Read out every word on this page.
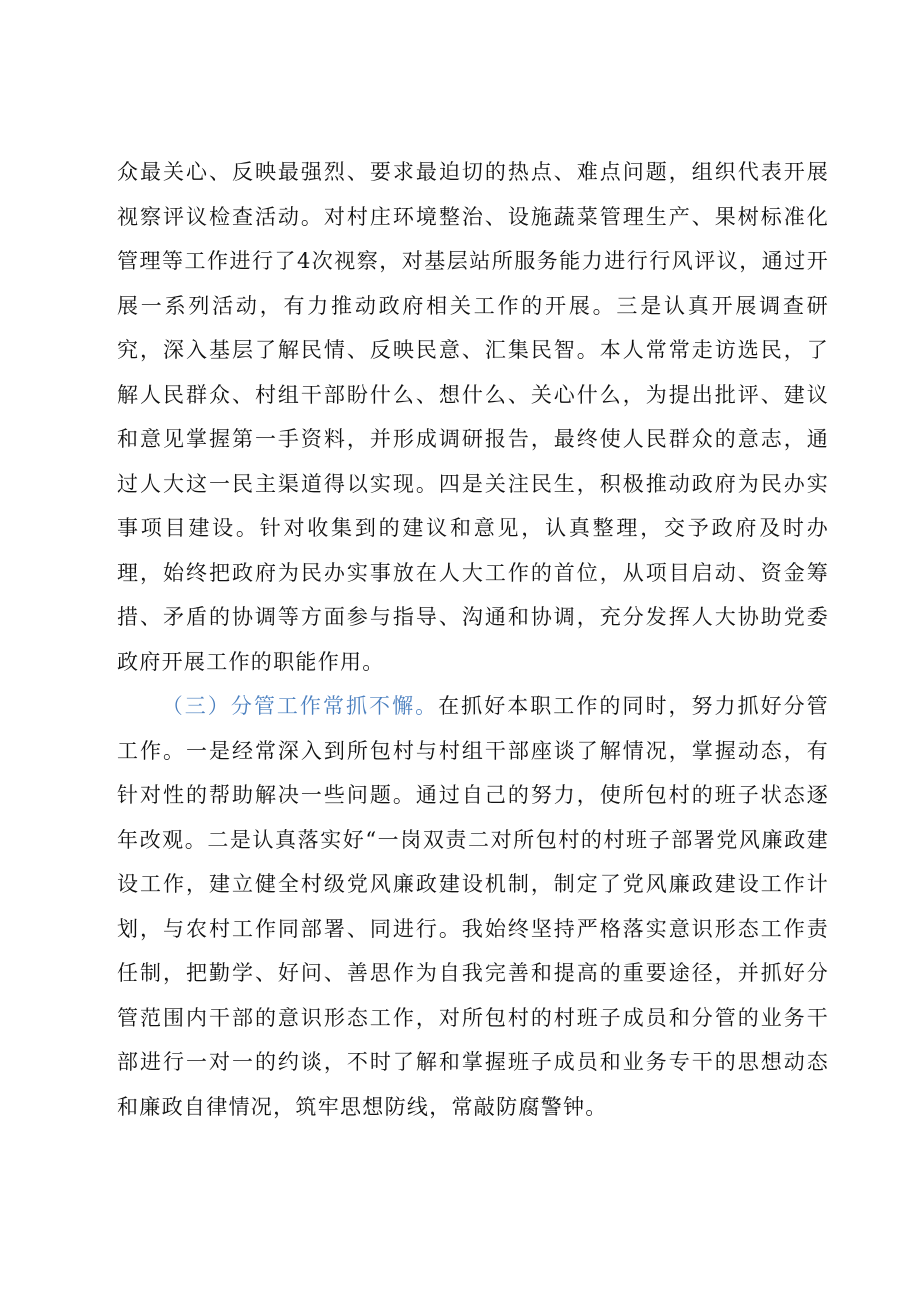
众最关心、反映最强烈、要求最迫切的热点、难点问题，组织代表开展视察评议检查活动。对村庄环境整治、设施蔬菜管理生产、果树标准化管理等工作进行了4次视察，对基层站所服务能力进行行风评议，通过开展一系列活动，有力推动政府相关工作的开展。三是认真开展调查研究，深入基层了解民情、反映民意、汇集民智。本人常常走访选民，了解人民群众、村组干部盼什么、想什么、关心什么，为提出批评、建议和意见掌握第一手资料，并形成调研报告，最终使人民群众的意志，通过人大这一民主渠道得以实现。四是关注民生，积极推动政府为民办实事项目建设。针对收集到的建议和意见，认真整理，交予政府及时办理，始终把政府为民办实事放在人大工作的首位，从项目启动、资金筹措、矛盾的协调等方面参与指导、沟通和协调，充分发挥人大协助党委政府开展工作的职能作用。

（三）分管工作常抓不懈。在抓好本职工作的同时，努力抓好分管工作。一是经常深入到所包村与村组干部座谈了解情况，掌握动态，有针对性的帮助解决一些问题。通过自己的努力，使所包村的班子状态逐年改观。二是认真落实好“一岗双责二对所包村的村班子部署党风廉政建设工作，建立健全村级党风廉政建设机制，制定了党风廉政建设工作计划，与农村工作同部署、同进行。我始终坚持严格落实意识形态工作责任制，把勤学、好问、善思作为自我完善和提高的重要途径，并抓好分管范围内干部的意识形态工作，对所包村的村班子成员和分管的业务干部进行一对一的约谈，不时了解和掌握班子成员和业务专干的思想动态和廉政自律情况，筑牢思想防线，常敲防腐警钟。
